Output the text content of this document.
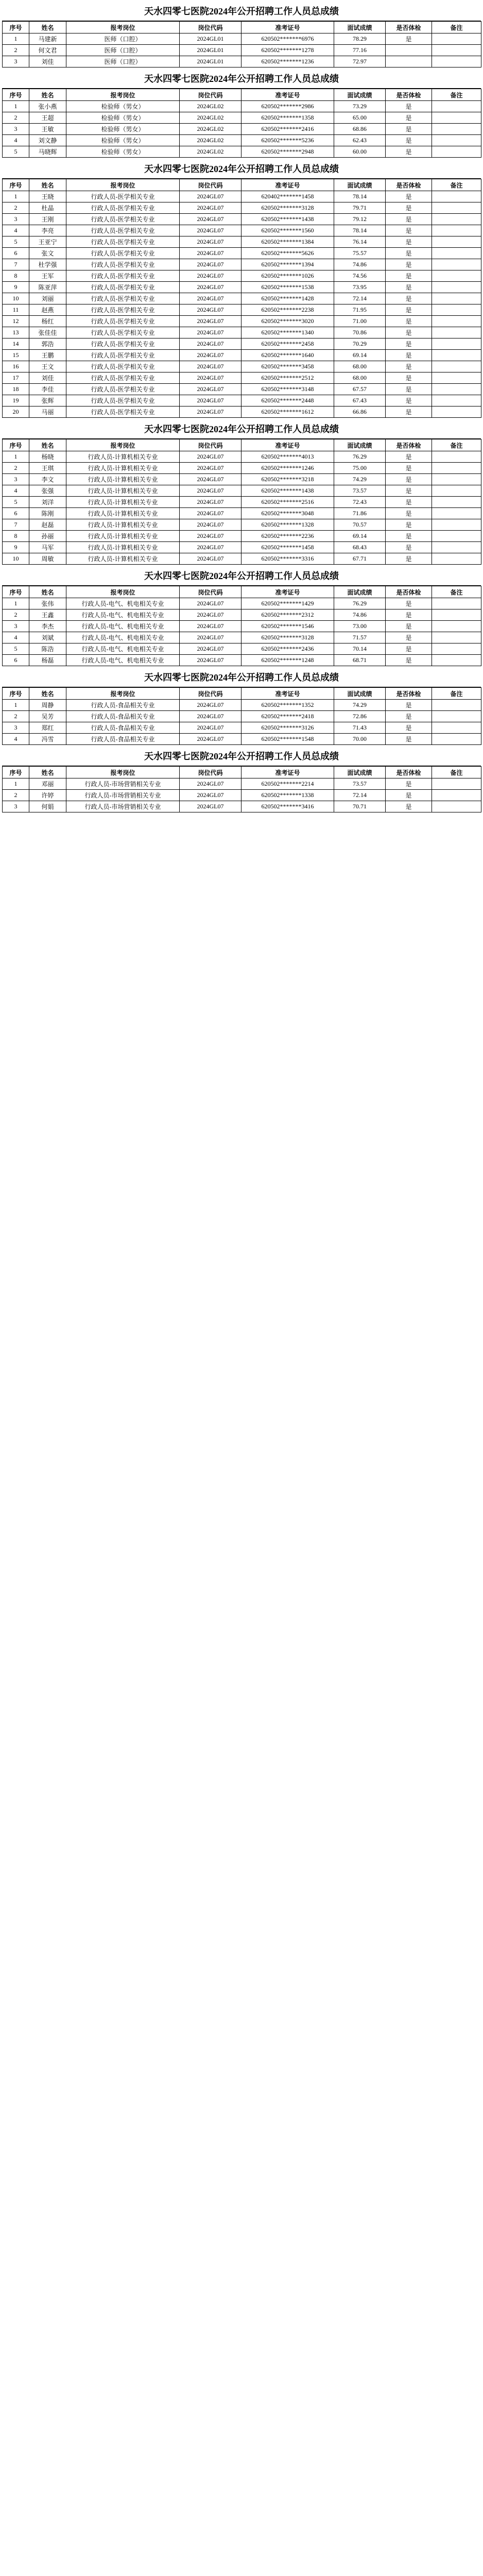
天水四零七医院2024年公开招聘工作人员总成绩
序号	姓名	报考岗位	岗位代码	准考证号	面试成绩	是否体检	备注
1	马建新	医师（口腔）	2024GL01	620502*******6976	78.29	是	
2	何文君	医师（口腔）	2024GL01	620502*******1278	77.16		
3	刘佳	医师（口腔）	2024GL01	620502*******1236	72.97		
天水四零七医院2024年公开招聘工作人员总成绩
序号	姓名	报考岗位	岗位代码	准考证号	面试成绩	是否体检	备注
1	张小燕	检验师（男女）	2024GL02	620502*******2986	73.29	是	
2	王超	检验师（男女）	2024GL02	620502*******1358	65.00	是	
3	王敏	检验师（男女）	2024GL02	620502*******2416	68.86	是	
4	刘文静	检验师（男女）	2024GL02	620502*******5236	62.43	是	
5	马晓辉	检验师（男女）	2024GL02	620502*******2948	60.00	是	
天水四零七医院2024年公开招聘工作人员总成绩
序号	姓名	报考岗位	岗位代码	准考证号	面试成绩	是否体检	备注
1	王晓	行政人员-医学相关专业	2024GL07	620402*******1458	78.14	是	
2	杜晶	行政人员-医学相关专业	2024GL07	620502*******3128	79.71	是	
3	王刚	行政人员-医学相关专业	2024GL07	620502*******1438	79.12	是	
4	李亮	行政人员-医学相关专业	2024GL07	620502*******1560	78.14	是	
5	王亚宁	行政人员-医学相关专业	2024GL07	620502*******1384	76.14	是	
6	张文	行政人员-医学相关专业	2024GL07	620502*******5626	75.57	是	
7	杜学强	行政人员-医学相关专业	2024GL07	620502*******1394	74.86	是	
8	王军	行政人员-医学相关专业	2024GL07	620502*******1026	74.56	是	
9	陈亚萍	行政人员-医学相关专业	2024GL07	620502*******1538	73.95	是	
10	刘丽	行政人员-医学相关专业	2024GL07	620502*******1428	72.14	是	
11	赵燕	行政人员-医学相关专业	2024GL07	620502*******2238	71.95	是	
12	杨红	行政人员-医学相关专业	2024GL07	620502*******3020	71.00	是	
13	张佳佳	行政人员-医学相关专业	2024GL07	620502*******1340	70.86	是	
14	郭浩	行政人员-医学相关专业	2024GL07	620502*******2458	70.29	是	
15	王鹏	行政人员-医学相关专业	2024GL07	620502*******1640	69.14	是	
16	王文	行政人员-医学相关专业	2024GL07	620502*******3458	68.00	是	
17	刘佳	行政人员-医学相关专业	2024GL07	620502*******2512	68.00	是	
18	李佳	行政人员-医学相关专业	2024GL07	620502*******3148	67.57	是	
19	张辉	行政人员-医学相关专业	2024GL07	620502*******2448	67.43	是	
20	马丽	行政人员-医学相关专业	2024GL07	620502*******1612	66.86	是	
天水四零七医院2024年公开招聘工作人员总成绩
序号	姓名	报考岗位	岗位代码	准考证号	面试成绩	是否体检	备注
1	杨晓	行政人员-计算机相关专业	2024GL07	620502*******4013	76.29	是	
2	王琪	行政人员-计算机相关专业	2024GL07	620502*******1246	75.00	是	
3	李文	行政人员-计算机相关专业	2024GL07	620502*******3218	74.29	是	
4	张强	行政人员-计算机相关专业	2024GL07	620502*******1438	73.57	是	
5	刘洋	行政人员-计算机相关专业	2024GL07	620502*******2516	72.43	是	
6	陈刚	行政人员-计算机相关专业	2024GL07	620502*******3048	71.86	是	
7	赵磊	行政人员-计算机相关专业	2024GL07	620502*******1328	70.57	是	
8	孙丽	行政人员-计算机相关专业	2024GL07	620502*******2236	69.14	是	
9	马军	行政人员-计算机相关专业	2024GL07	620502*******1458	68.43	是	
10	周敏	行政人员-计算机相关专业	2024GL07	620502*******3316	67.71	是	
天水四零七医院2024年公开招聘工作人员总成绩
序号	姓名	报考岗位	岗位代码	准考证号	面试成绩	是否体检	备注
1	张伟	行政人员-电气、机电相关专业	2024GL07	620502*******1429	76.29	是	
2	王鑫	行政人员-电气、机电相关专业	2024GL07	620502*******2312	74.86	是	
3	李杰	行政人员-电气、机电相关专业	2024GL07	620502*******1546	73.00	是	
4	刘斌	行政人员-电气、机电相关专业	2024GL07	620502*******3128	71.57	是	
5	陈浩	行政人员-电气、机电相关专业	2024GL07	620502*******2436	70.14	是	
6	杨磊	行政人员-电气、机电相关专业	2024GL07	620502*******1248	68.71	是	
天水四零七医院2024年公开招聘工作人员总成绩
序号	姓名	报考岗位	岗位代码	准考证号	面试成绩	是否体检	备注
1	周静	行政人员-食品相关专业	2024GL07	620502*******1352	74.29	是	
2	吴芳	行政人员-食品相关专业	2024GL07	620502*******2418	72.86	是	
3	郑红	行政人员-食品相关专业	2024GL07	620502*******3126	71.43	是	
4	冯雪	行政人员-食品相关专业	2024GL07	620502*******1548	70.00	是	
天水四零七医院2024年公开招聘工作人员总成绩
序号	姓名	报考岗位	岗位代码	准考证号	面试成绩	是否体检	备注
1	邓丽	行政人员-市场营销相关专业	2024GL07	620502*******2214	73.57	是	
2	许婷	行政人员-市场营销相关专业	2024GL07	620502*******1338	72.14	是	
3	何娟	行政人员-市场营销相关专业	2024GL07	620502*******3416	70.71	是	
